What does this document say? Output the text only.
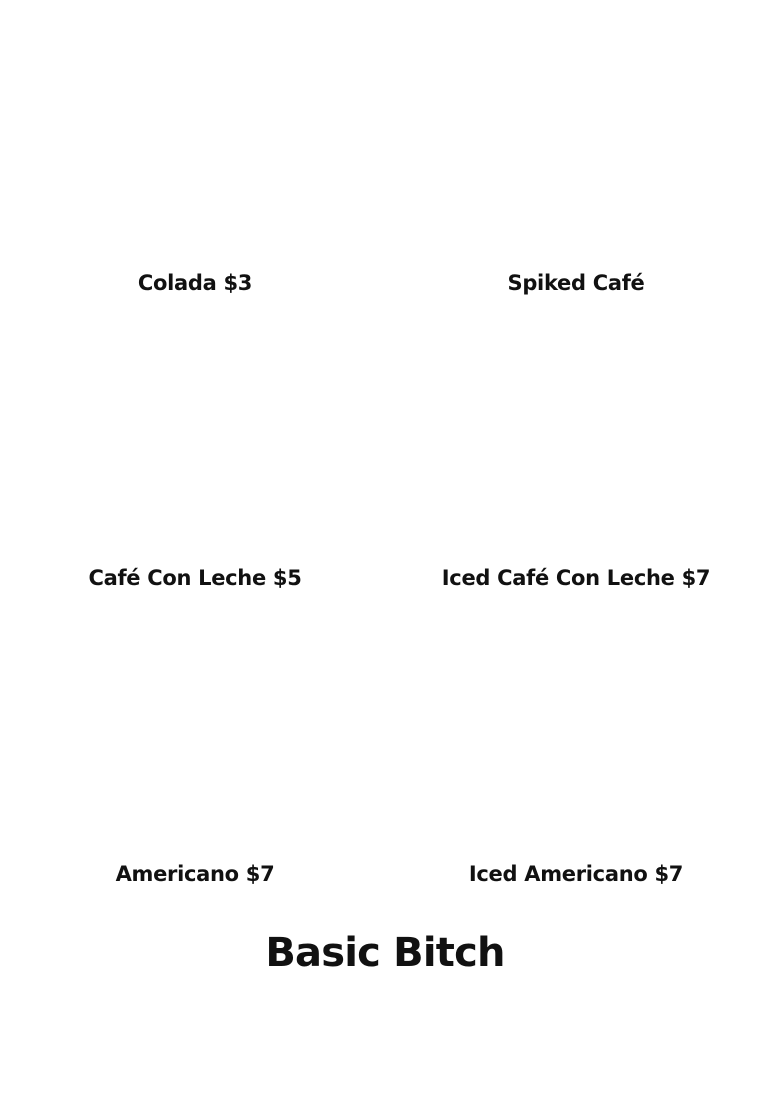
Colada $3	Spiked Café
Café Con Leche $5	Iced Café Con Leche $7
Americano $7	Iced Americano $7
Basic Bitch
